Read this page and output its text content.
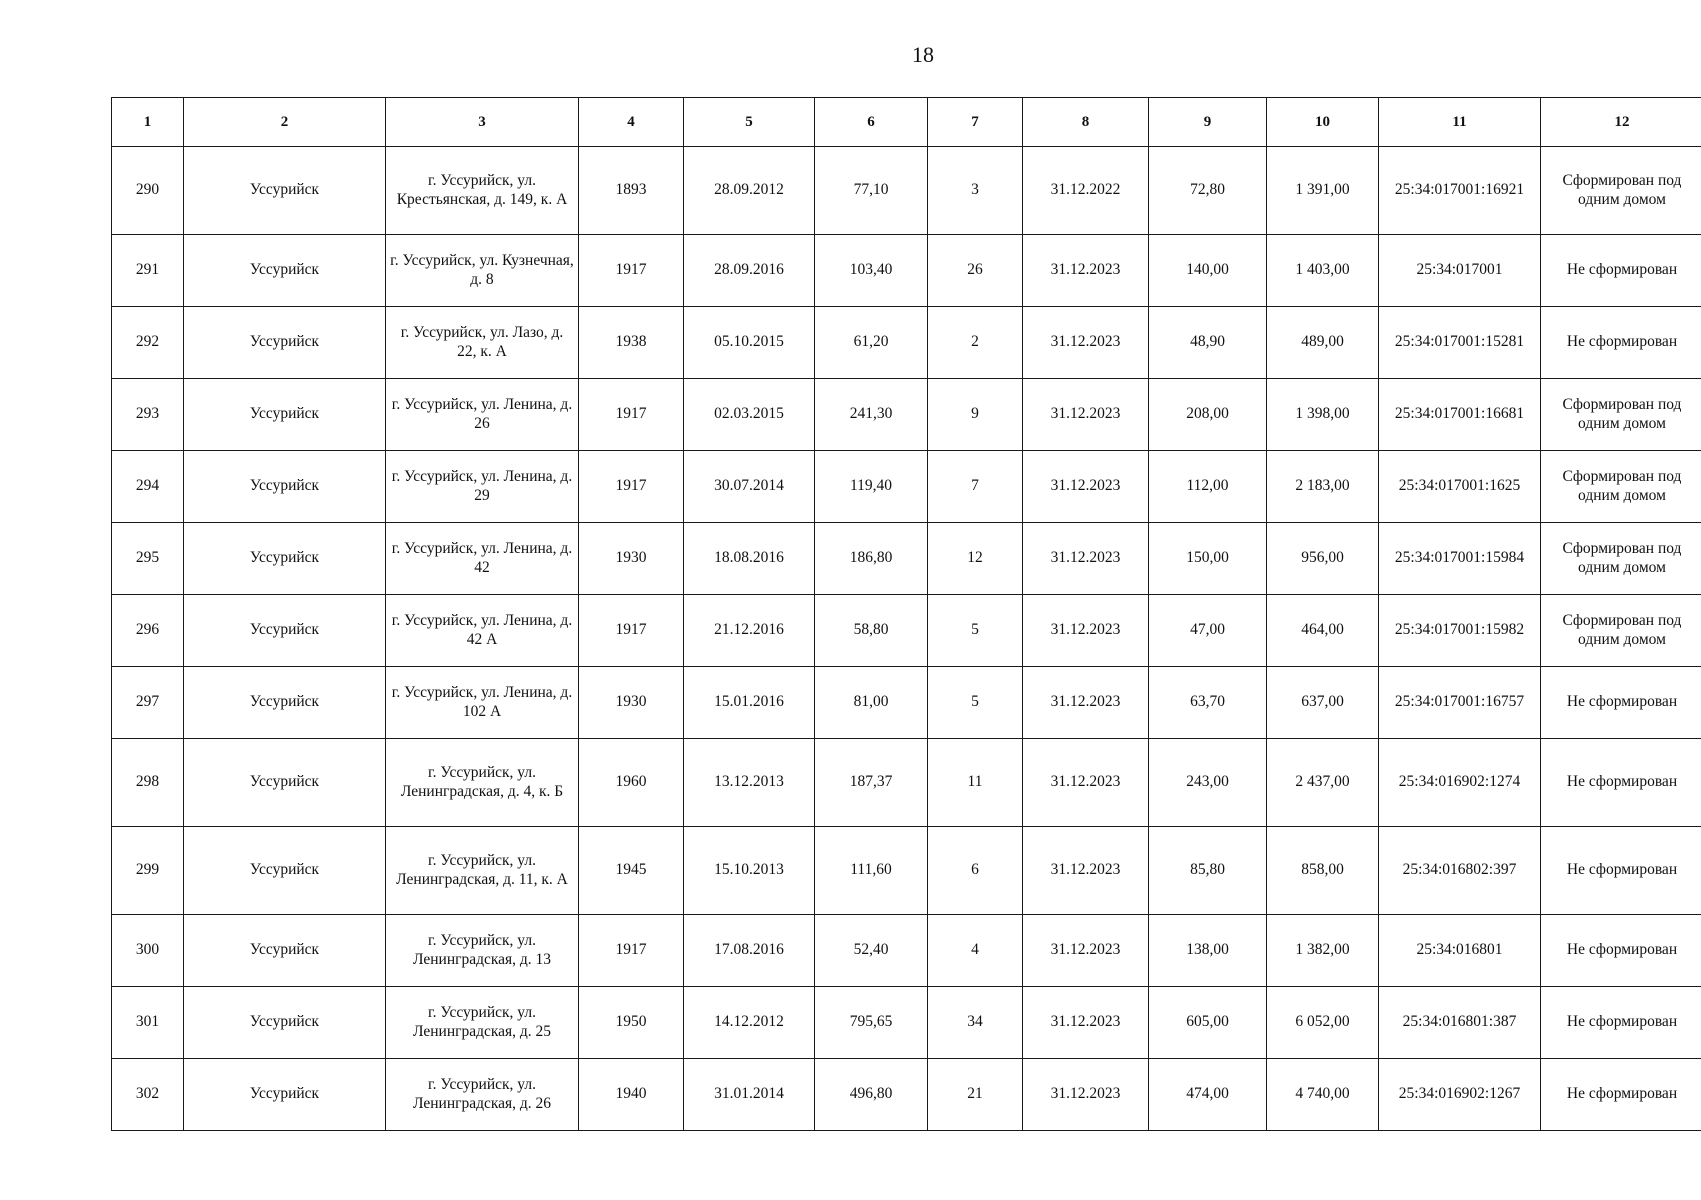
18
1	2	3	4	5	6	7	8	9	10	11	12
290	Уссурийск	г. Уссурийск, ул. Крестьянская, д. 149, к. А	1893	28.09.2012	77,10	3	31.12.2022	72,80	1 391,00	25:34:017001:16921	Сформирован под одним домом
291	Уссурийск	г. Уссурийск, ул. Кузнечная, д. 8	1917	28.09.2016	103,40	26	31.12.2023	140,00	1 403,00	25:34:017001	Не сформирован
292	Уссурийск	г. Уссурийск, ул. Лазо, д. 22, к. А	1938	05.10.2015	61,20	2	31.12.2023	48,90	489,00	25:34:017001:15281	Не сформирован
293	Уссурийск	г. Уссурийск, ул. Ленина, д. 26	1917	02.03.2015	241,30	9	31.12.2023	208,00	1 398,00	25:34:017001:16681	Сформирован под одним домом
294	Уссурийск	г. Уссурийск, ул. Ленина, д. 29	1917	30.07.2014	119,40	7	31.12.2023	112,00	2 183,00	25:34:017001:1625	Сформирован под одним домом
295	Уссурийск	г. Уссурийск, ул. Ленина, д. 42	1930	18.08.2016	186,80	12	31.12.2023	150,00	956,00	25:34:017001:15984	Сформирован под одним домом
296	Уссурийск	г. Уссурийск, ул. Ленина, д. 42 А	1917	21.12.2016	58,80	5	31.12.2023	47,00	464,00	25:34:017001:15982	Сформирован под одним домом
297	Уссурийск	г. Уссурийск, ул. Ленина, д. 102 А	1930	15.01.2016	81,00	5	31.12.2023	63,70	637,00	25:34:017001:16757	Не сформирован
298	Уссурийск	г. Уссурийск, ул. Ленинградская, д. 4, к. Б	1960	13.12.2013	187,37	11	31.12.2023	243,00	2 437,00	25:34:016902:1274	Не сформирован
299	Уссурийск	г. Уссурийск, ул. Ленинградская, д. 11, к. А	1945	15.10.2013	111,60	6	31.12.2023	85,80	858,00	25:34:016802:397	Не сформирован
300	Уссурийск	г. Уссурийск, ул. Ленинградская, д. 13	1917	17.08.2016	52,40	4	31.12.2023	138,00	1 382,00	25:34:016801	Не сформирован
301	Уссурийск	г. Уссурийск, ул. Ленинградская, д. 25	1950	14.12.2012	795,65	34	31.12.2023	605,00	6 052,00	25:34:016801:387	Не сформирован
302	Уссурийск	г. Уссурийск, ул. Ленинградская, д. 26	1940	31.01.2014	496,80	21	31.12.2023	474,00	4 740,00	25:34:016902:1267	Не сформирован
